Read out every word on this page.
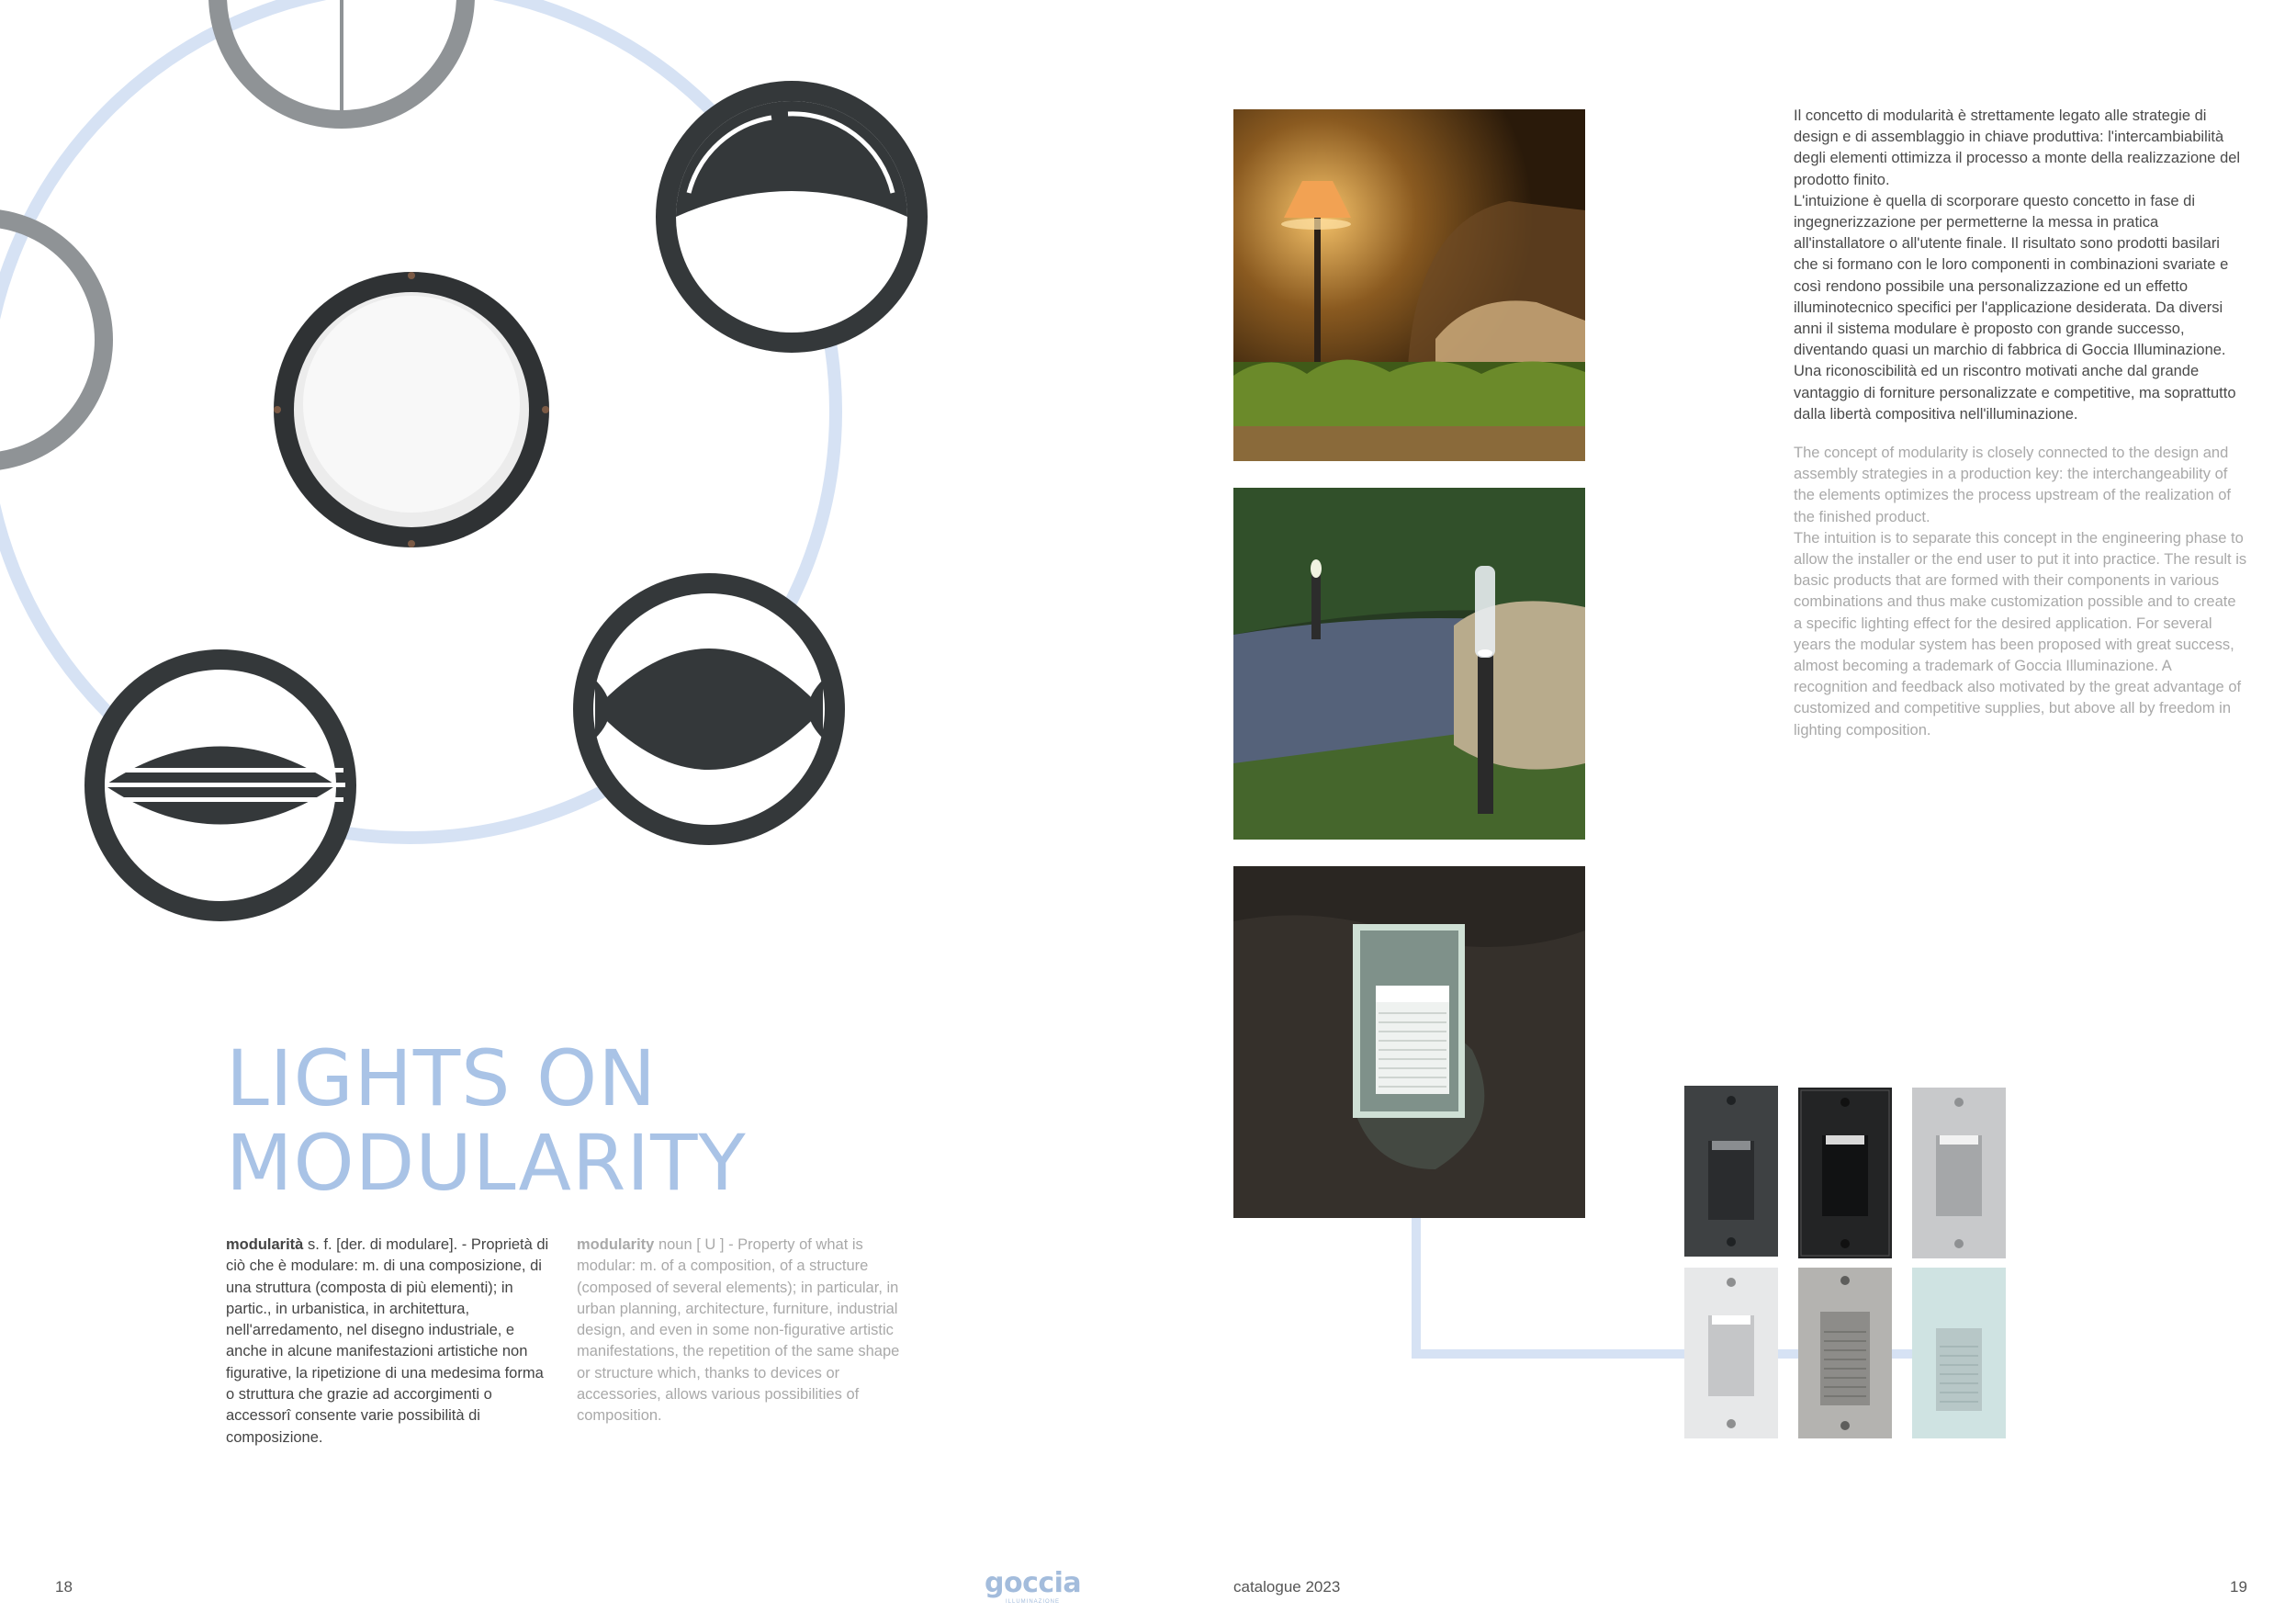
LIGHTS ON
MODULARITY
modularità s. f. [der. di modulare]. - Proprietà di ciò che è modulare: m. di una composizione, di una struttura (composta di più elementi); in partic., in urbanistica, in architettura, nell'arredamento, nel disegno industriale, e anche in alcune manifestazioni artistiche non figurative, la ripetizione di una medesima forma o struttura che grazie ad accorgimenti o accessorî consente varie possibilità di composizione.
modularity noun [ U ] - Property of what is modular: m. of a composition, of a structure (composed of several elements); in particular, in urban planning, architecture, furniture, industrial design, and even in some non-figurative artistic manifestations, the repetition of the same shape or structure which, thanks to devices or accessories, allows various possibilities of composition.

Il concetto di modularità è strettamente legato alle strategie di design e di assemblaggio in chiave produttiva: l'intercambiabilità degli elementi ottimizza il processo a monte della realizzazione del prodotto finito.

L'intuizione è quella di scorporare questo concetto in fase di ingegnerizzazione per permetterne la messa in pratica all'installatore o all'utente finale. Il risultato sono prodotti basilari che si formano con le loro componenti in combinazioni svariate e così rendono possibile una personalizzazione ed un effetto illuminotecnico specifici per l'applicazione desiderata. Da diversi anni il sistema modulare è proposto con grande successo, diventando quasi un marchio di fabbrica di Goccia Illuminazione. Una riconoscibilità ed un riscontro motivati anche dal grande vantaggio di forniture personalizzate e competitive, ma soprattutto dalla libertà compositiva nell'illuminazione.

The concept of modularity is closely connected to the design and assembly strategies in a production key: the interchangeability of the elements optimizes the process upstream of the realization of the finished product.

The intuition is to separate this concept in the engineering phase to allow the installer or the end user to put it into practice. The result is basic products that are formed with their components in various combinations and thus make customization possible and to create a specific lighting effect for the desired application. For several years the modular system has been proposed with great success, almost becoming a trademark of Goccia Illuminazione. A recognition and feedback also motivated by the great advantage of customized and competitive supplies, but above all by freedom in lighting composition.

18	goccia
ILLUMINAZIONE
catalogue 2023	19
